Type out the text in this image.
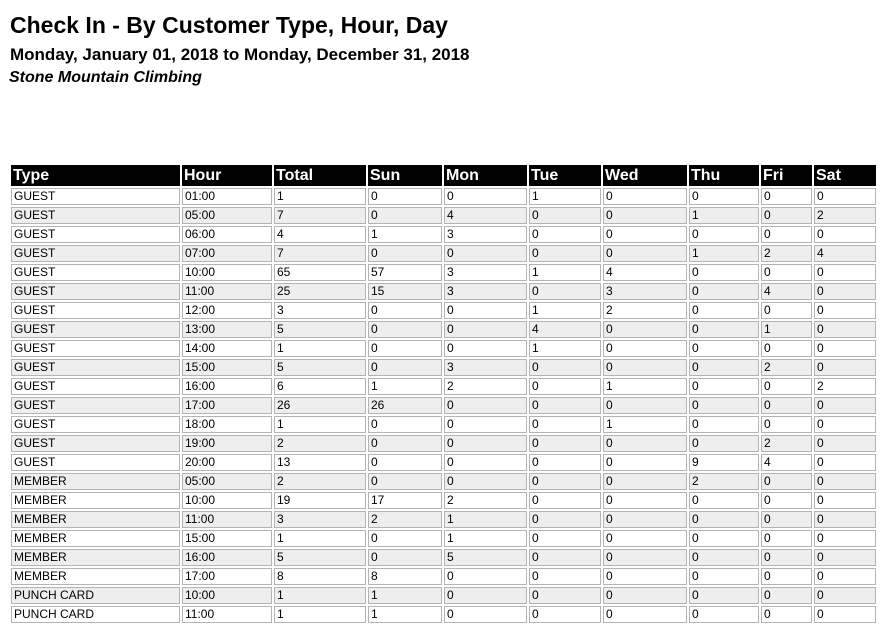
Check In - By Customer Type, Hour, Day
Monday, January 01, 2018 to Monday, December 31, 2018
Stone Mountain Climbing
Type	Hour	Total	Sun	Mon	Tue	Wed	Thu	Fri	Sat
GUEST	01:00	1	0	0	1	0	0	0	0
GUEST	05:00	7	0	4	0	0	1	0	2
GUEST	06:00	4	1	3	0	0	0	0	0
GUEST	07:00	7	0	0	0	0	1	2	4
GUEST	10:00	65	57	3	1	4	0	0	0
GUEST	11:00	25	15	3	0	3	0	4	0
GUEST	12:00	3	0	0	1	2	0	0	0
GUEST	13:00	5	0	0	4	0	0	1	0
GUEST	14:00	1	0	0	1	0	0	0	0
GUEST	15:00	5	0	3	0	0	0	2	0
GUEST	16:00	6	1	2	0	1	0	0	2
GUEST	17:00	26	26	0	0	0	0	0	0
GUEST	18:00	1	0	0	0	1	0	0	0
GUEST	19:00	2	0	0	0	0	0	2	0
GUEST	20:00	13	0	0	0	0	9	4	0
MEMBER	05:00	2	0	0	0	0	2	0	0
MEMBER	10:00	19	17	2	0	0	0	0	0
MEMBER	11:00	3	2	1	0	0	0	0	0
MEMBER	15:00	1	0	1	0	0	0	0	0
MEMBER	16:00	5	0	5	0	0	0	0	0
MEMBER	17:00	8	8	0	0	0	0	0	0
PUNCH CARD	10:00	1	1	0	0	0	0	0	0
PUNCH CARD	11:00	1	1	0	0	0	0	0	0
